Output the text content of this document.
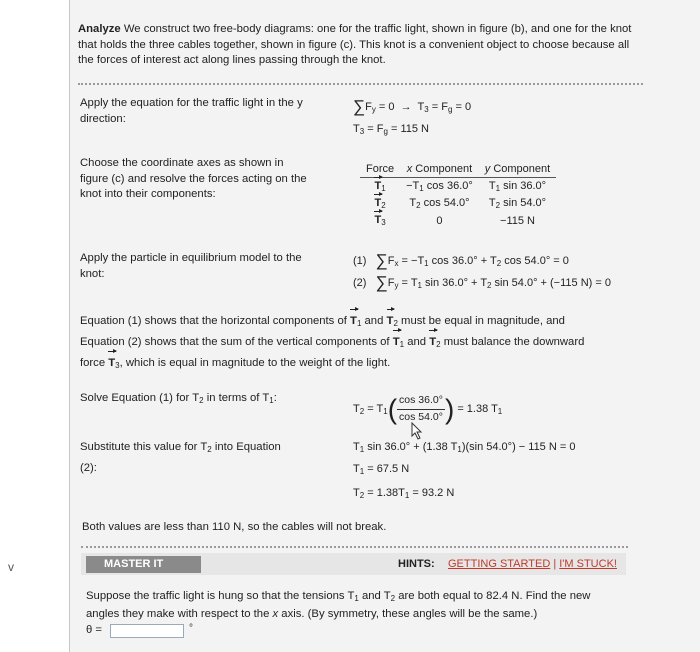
v
Analyze We construct two free-body diagrams: one for the traffic light, shown in figure (b), and one for the knot that holds the three cables together, shown in figure (c). This knot is a convenient object to choose because all the forces of interest act along lines passing through the knot.
Apply the equation for the traffic light in the y direction:
$\sum F_y = 0 \to T_3 = F_g = 0$
$T_3 = F_g = 115$ N
Choose the coordinate axes as shown in figure (c) and resolve the forces acting on the knot into their components:
Force	x Component	y Component
$T_1$	$-T_1$ cos 36.0°	$T_1$ sin 36.0°
$T_2$	$T_2$ cos 54.0°	$T_2$ sin 54.0°
$T_3$	0	−115 N
Apply the particle in equilibrium model to the knot:
(1) $\sum F_x = -T_1$ $\cos 36.0^\circ + T_2$ cos 54.0° = 0
(2) $\sum F_y = T_1$ $\sin 36.0^\circ + T_2$ sin 54.0° + (−115 N) = 0
Equation (1) shows that the horizontal components of $T_1$ and $T_2$ must be equal in magnitude, and
Equation (2) shows that the sum of the vertical components of $T_1$ and $T_2$ must balance the downward
force $T_3$, which is equal in magnitude to the weight of the light.
Solve Equation (1) for $T_2$ in terms of $T_1$:
$T_2 = T_1( \frac{\cos 36.0^\circ}{\cos 54.0^\circ}$ ) = 1.38 $T_1$
Substitute this value for $T_2$ into Equation
(2):
$T_1$ sin 36.0° + (1.38 $T_1)(\sin$ 54.0°) − 115 N = 0
$T_1 = 67.5$ N
$T_2 = 1.38T_1 = 93.2$ N
Both values are less than 110 N, so the cables will not break.
MASTER IT	HINTS: GETTING STARTED | I'M STUCK!
Suppose the traffic light is hung so that the tensions $T_1$ and $T_2$ are both equal to 82.4 N. Find the new
angles they make with respect to the x axis. (By symmetry, these angles will be the same.)
θ =	°
